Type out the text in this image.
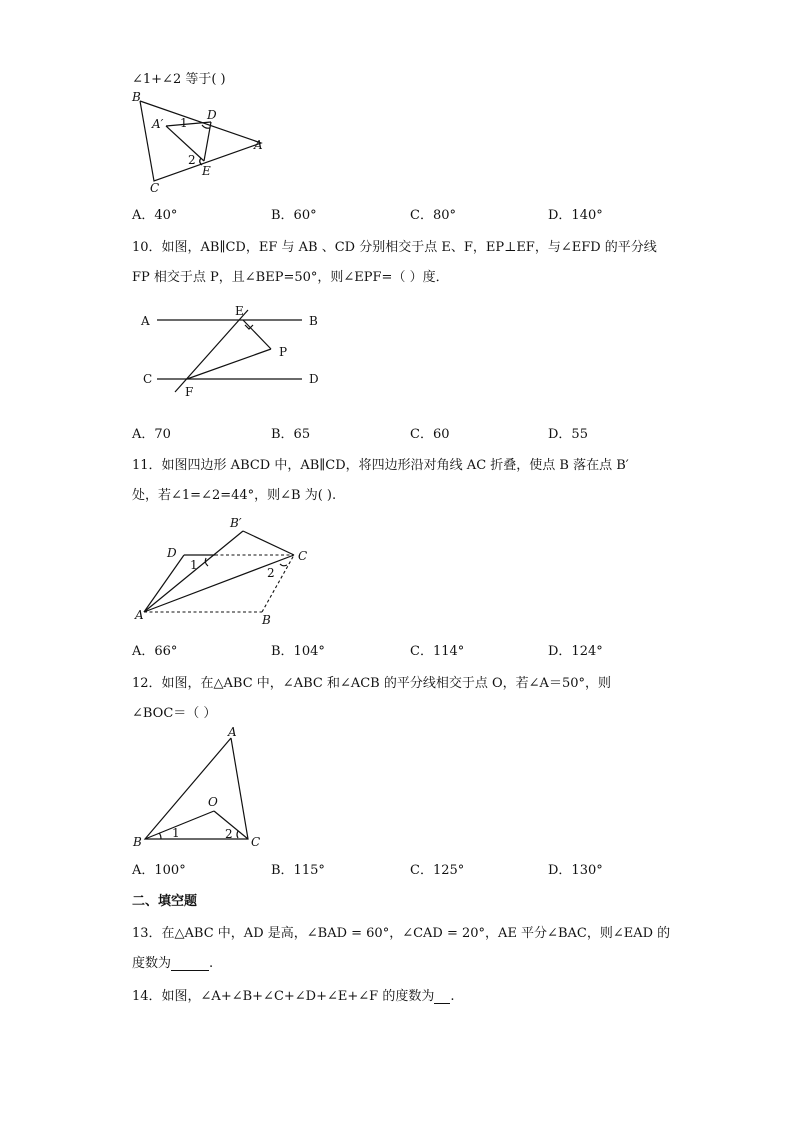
∠1+∠2 等于( )
B
A′ 1
D
A
2
E
C
A．40°	B．60°	C．80°	D．140°
10．如图，AB∥CD，EF 与 AB 、CD 分别相交于点 E、F，EP⊥EF，与∠EFD 的平分线
FP 相交于点 P，且∠BEP=50°，则∠EPF=（ ）度．
A
E
B
P
C	D
F
A．70	B．65	C．60	D．55
11．如图四边形 ABCD 中，AB∥CD，将四边形沿对角线 AC 折叠，使点 B 落在点 B′
处，若∠1=∠2=44°，则∠B 为( ).
B′
D	C
1
2
A	B
A．66°	B．104°	C．114°	D．124°
12．如图，在△ABC 中，∠ABC 和∠ACB 的平分线相交于点 O，若∠A＝50°，则
∠BOC＝（ ）
A
O
B
1	2
C
A．100°	B．115°	C．125°	D．130°
二、填空题
13．在△ABC 中，AD 是高，∠BAD = 60°，∠CAD = 20°，AE 平分∠BAC，则∠EAD 的
度数为	.
14．如图，∠A+∠B+∠C+∠D+∠E+∠F 的度数为 .
